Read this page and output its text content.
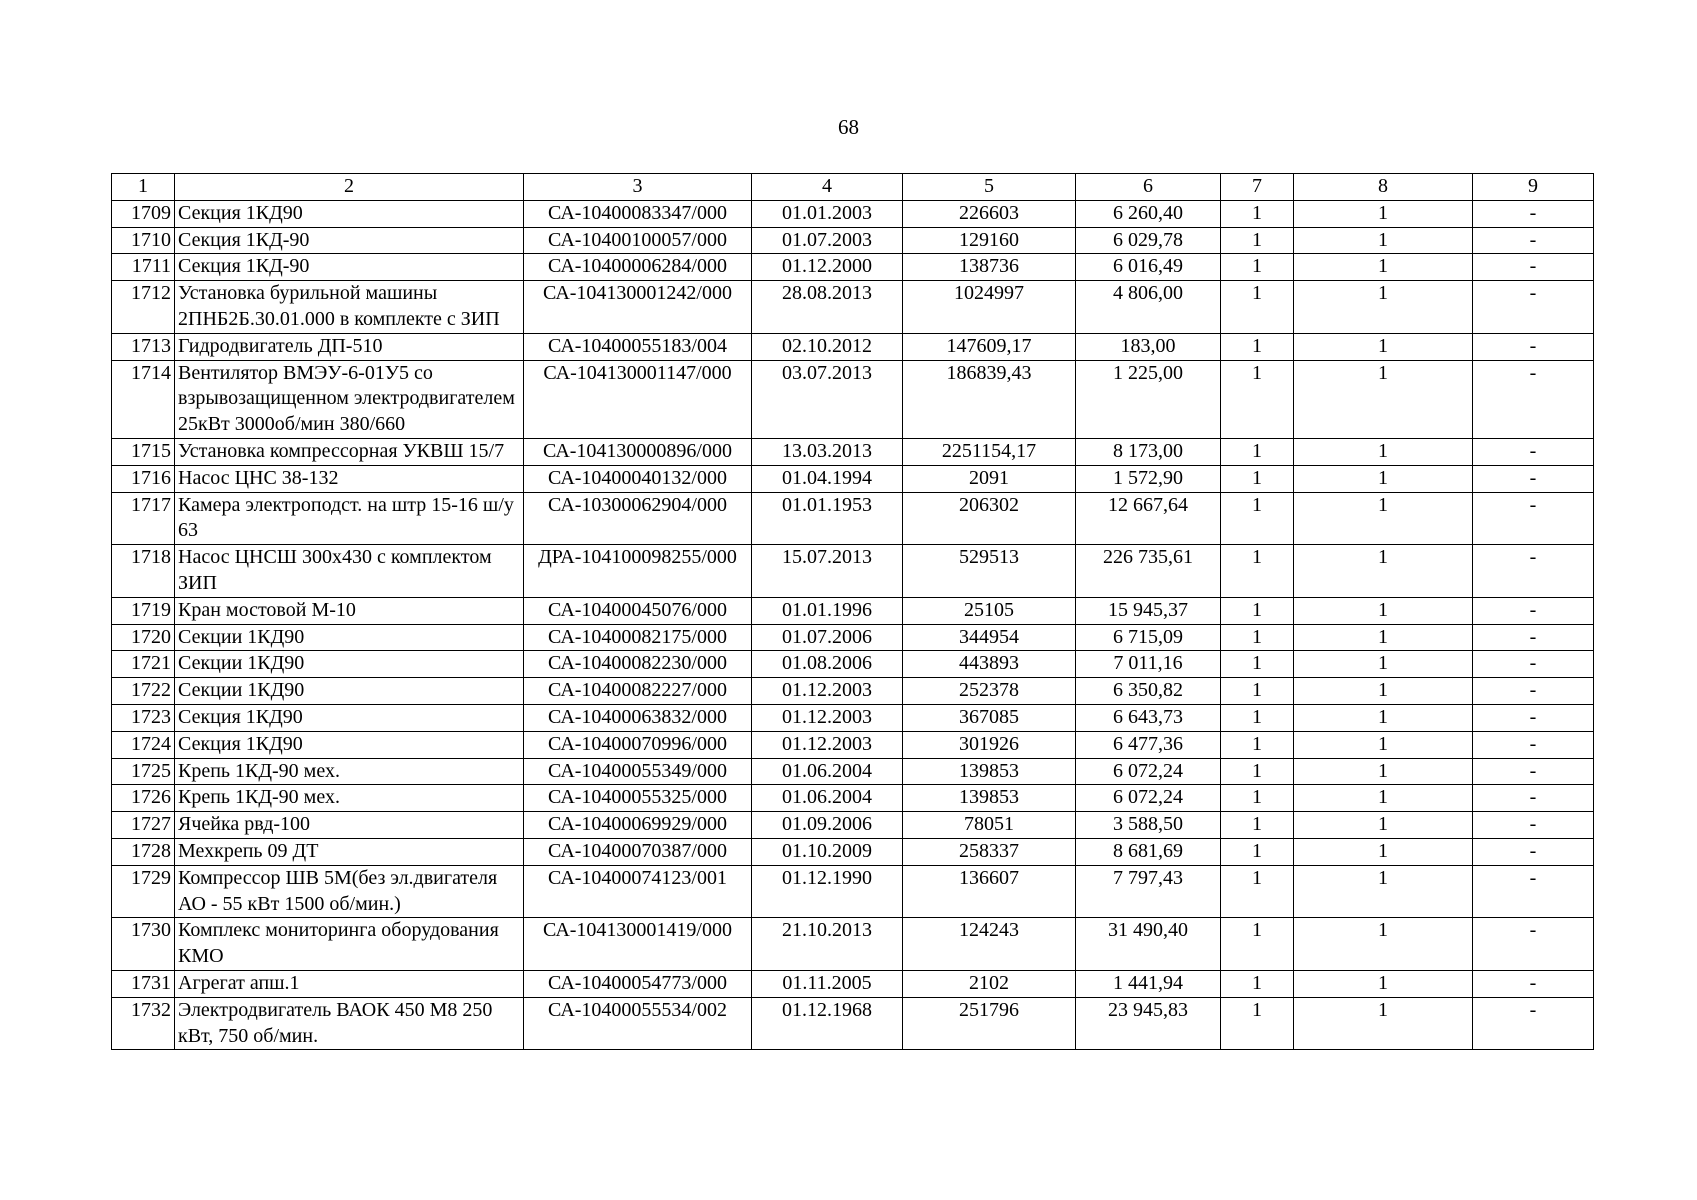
68
1	2	3	4	5	6	7	8	9
1709	Секция 1КД90	СА-10400083347/000	01.01.2003	226603	6 260,40	1	1	-
1710	Секция 1КД-90	СА-10400100057/000	01.07.2003	129160	6 029,78	1	1	-
1711	Секция 1КД-90	СА-10400006284/000	01.12.2000	138736	6 016,49	1	1	-
1712	Установка бурильной машины 2ПНБ2Б.30.01.000 в комплекте с ЗИП	СА-104130001242/000	28.08.2013	1024997	4 806,00	1	1	-
1713	Гидродвигатель ДП-510	СА-10400055183/004	02.10.2012	147609,17	183,00	1	1	-
1714	Вентилятор ВМЭУ-6-01У5 со взрывозащищенном электродвигателем 25кВт 3000об/мин 380/660	СА-104130001147/000	03.07.2013	186839,43	1 225,00	1	1	-
1715	Установка компрессорная УКВШ 15/7	СА-104130000896/000	13.03.2013	2251154,17	8 173,00	1	1	-
1716	Насос ЦНС 38-132	СА-10400040132/000	01.04.1994	2091	1 572,90	1	1	-
1717	Камера электроподст. на штр 15-16 ш/у 63	СА-10300062904/000	01.01.1953	206302	12 667,64	1	1	-
1718	Насос ЦНСШ 300х430 с комплектом ЗИП	ДРА-104100098255/000	15.07.2013	529513	226 735,61	1	1	-
1719	Кран мостовой М-10	СА-10400045076/000	01.01.1996	25105	15 945,37	1	1	-
1720	Секции 1КД90	СА-10400082175/000	01.07.2006	344954	6 715,09	1	1	-
1721	Секции 1КД90	СА-10400082230/000	01.08.2006	443893	7 011,16	1	1	-
1722	Секции 1КД90	СА-10400082227/000	01.12.2003	252378	6 350,82	1	1	-
1723	Секция 1КД90	СА-10400063832/000	01.12.2003	367085	6 643,73	1	1	-
1724	Секция 1КД90	СА-10400070996/000	01.12.2003	301926	6 477,36	1	1	-
1725	Крепь 1КД-90 мех.	СА-10400055349/000	01.06.2004	139853	6 072,24	1	1	-
1726	Крепь 1КД-90 мех.	СА-10400055325/000	01.06.2004	139853	6 072,24	1	1	-
1727	Ячейка рвд-100	СА-10400069929/000	01.09.2006	78051	3 588,50	1	1	-
1728	Мехкрепь 09 ДТ	СА-10400070387/000	01.10.2009	258337	8 681,69	1	1	-
1729	Компрессор ШВ 5М(без эл.двигателя АО - 55 кВт 1500 об/мин.)	СА-10400074123/001	01.12.1990	136607	7 797,43	1	1	-
1730	Комплекс мониторинга оборудования КМО	СА-104130001419/000	21.10.2013	124243	31 490,40	1	1	-
1731	Агрегат апш.1	СА-10400054773/000	01.11.2005	2102	1 441,94	1	1	-
1732	Электродвигатель ВАОК 450 М8 250 кВт, 750 об/мин.	СА-10400055534/002	01.12.1968	251796	23 945,83	1	1	-
